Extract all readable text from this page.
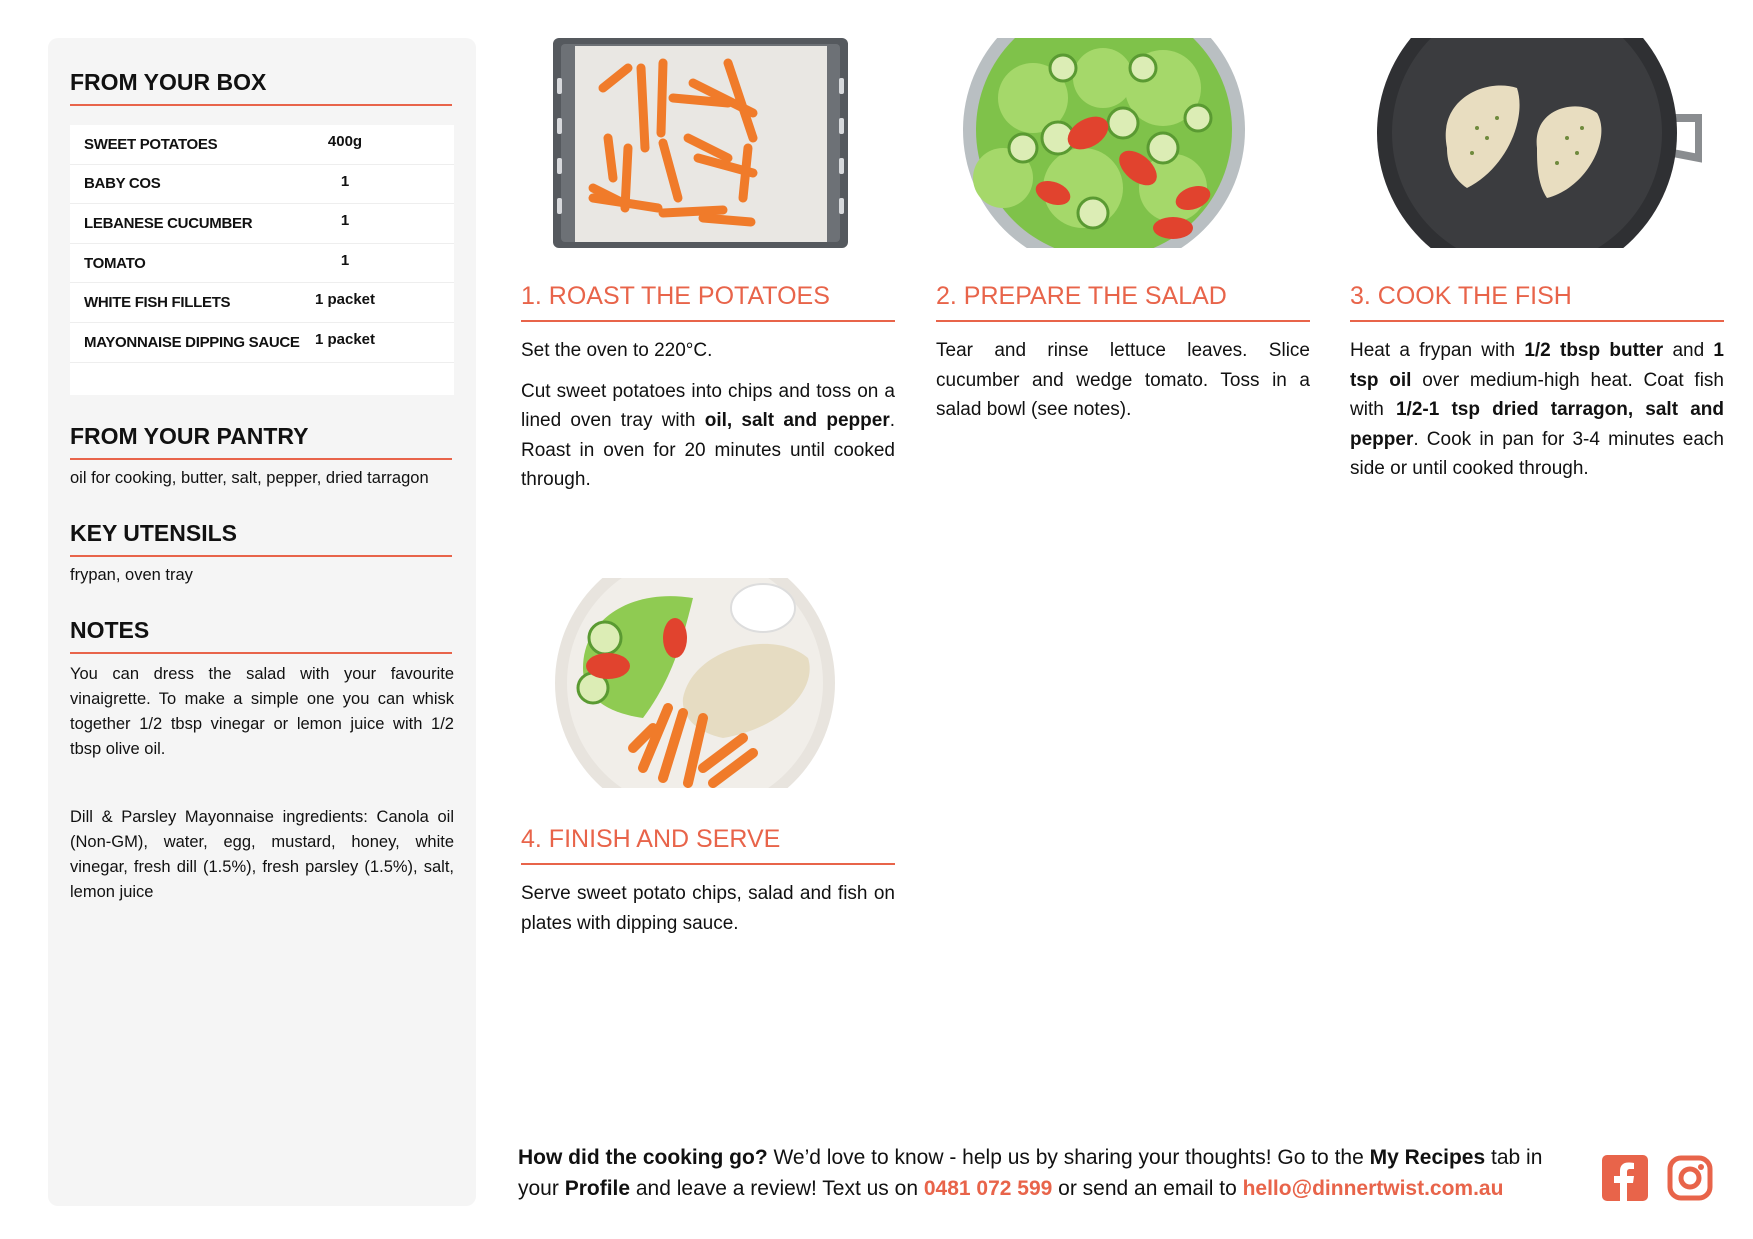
FROM YOUR BOX
SWEET POTATOES	400g
BABY COS	1
LEBANESE CUCUMBER	1
TOMATO	1
WHITE FISH FILLETS	1 packet
MAYONNAISE DIPPING SAUCE	1 packet
FROM YOUR PANTRY
oil for cooking, butter, salt, pepper, dried tarragon
KEY UTENSILS
frypan, oven tray
NOTES
You can dress the salad with your favourite vinaigrette. To make a simple one you can whisk together 1/2 tbsp vinegar or lemon juice with 1/2 tbsp olive oil.
Dill & Parsley Mayonnaise ingredients: Canola oil (Non-GM), water, egg, mustard, honey, white vinegar, fresh dill (1.5%), fresh parsley (1.5%), salt, lemon juice
1. ROAST THE POTATOES

Set the oven to 220°C.

Cut sweet potatoes into chips and toss on a lined oven tray with oil, salt and pepper. Roast in oven for 20 minutes until cooked through.

2. PREPARE THE SALAD

Tear and rinse lettuce leaves. Slice cucumber and wedge tomato. Toss in a salad bowl (see notes).

3. COOK THE FISH

Heat a frypan with 1/2 tbsp butter and 1 tsp oil over medium-high heat. Coat fish with 1/2-1 tsp dried tarragon, salt and pepper. Cook in pan for 3-4 minutes each side or until cooked through.

4. FINISH AND SERVE

Serve sweet potato chips, salad and fish on plates with dipping sauce.

How did the cooking go? We’d love to know - help us by sharing your thoughts! Go to the My Recipes tab in your Profile and leave a review! Text us on 0481 072 599 or send an email to hello@dinnertwist.com.au
